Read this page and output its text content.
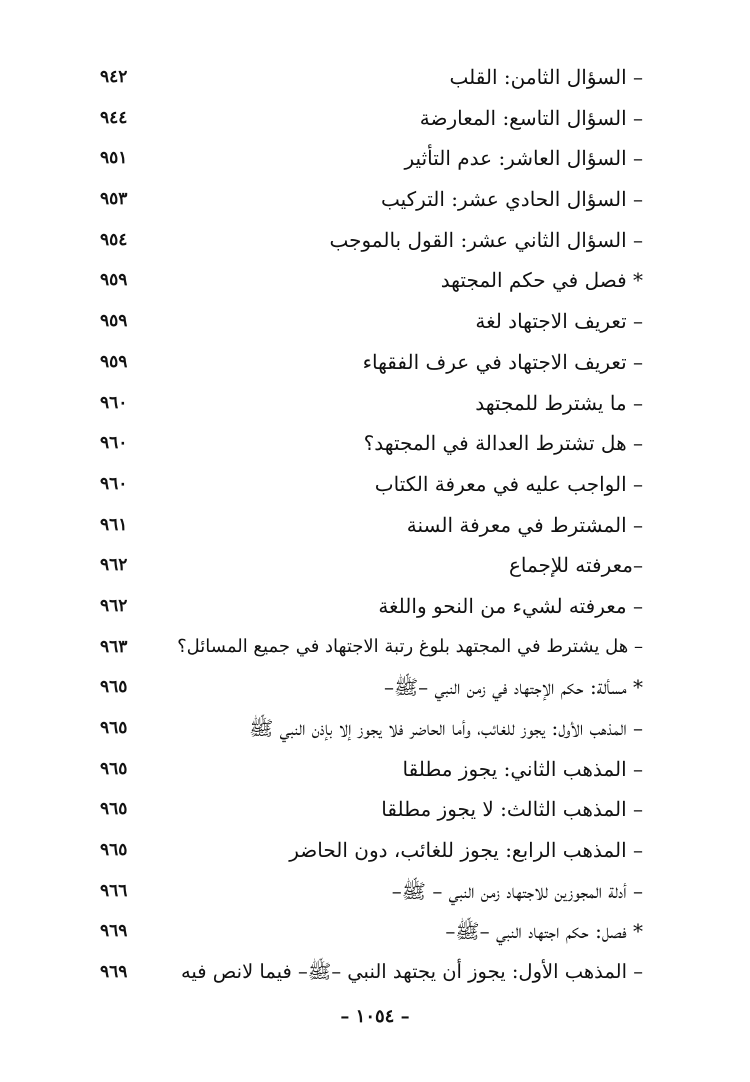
– السؤال الثامن: القلب
٩٤٢
– السؤال التاسع: المعارضة
٩٤٤
– السؤال العاشر: عدم التأثير
٩٥١
– السؤال الحادي عشر: التركيب
٩٥٣
– السؤال الثاني عشر: القول بالموجب
٩٥٤
* فصل في حكم المجتهد
٩٥٩
– تعريف الاجتهاد لغة
٩٥٩
– تعريف الاجتهاد في عرف الفقهاء
٩٥٩
– ما يشترط للمجتهد
٩٦٠
– هل تشترط العدالة في المجتهد؟
٩٦٠
– الواجب عليه في معرفة الكتاب
٩٦٠
– المشترط في معرفة السنة
٩٦١
–معرفته للإجماع
٩٦٢
– معرفته لشيء من النحو واللغة
٩٦٢
– هل يشترط في المجتهد بلوغ رتبة الاجتهاد في جميع المسائل؟
٩٦٣
* مسألة: حكم الإجتهاد في زمن النبي –ﷺ–
٩٦٥
– المذهب الأول: يجوز للغائب، وأما الحاضر فلا يجوز إلا بإذن النبي ﷺ
٩٦٥
– المذهب الثاني: يجوز مطلقا
٩٦٥
– المذهب الثالث: لا يجوز مطلقا
٩٦٥
– المذهب الرابع: يجوز للغائب، دون الحاضر
٩٦٥
– أدلة المجوزين للاجتهاد زمن النبي – ﷺ–
٩٦٦
* فصل: حكم اجتهاد النبي –ﷺ–
٩٦٩
– المذهب الأول: يجوز أن يجتهد النبي –ﷺ– فيما لانص فيه
٩٦٩
– ١٠٥٤ –
